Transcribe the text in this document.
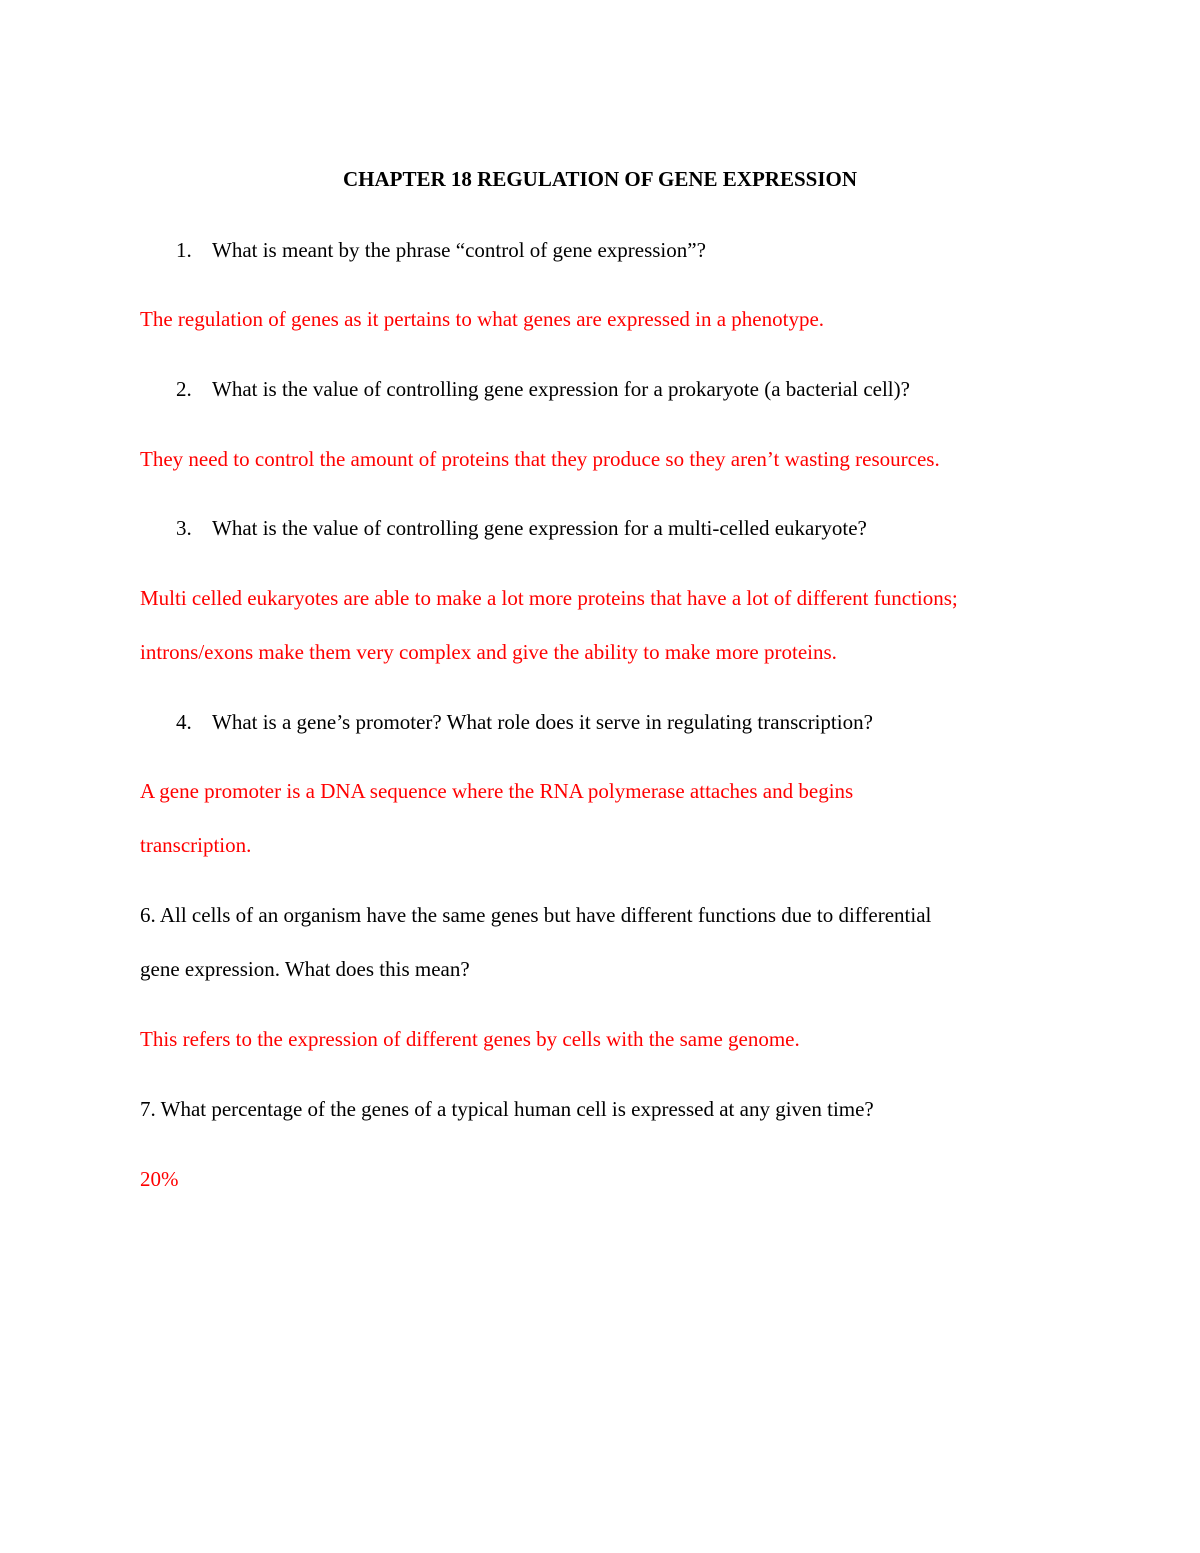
CHAPTER 18 REGULATION OF GENE EXPRESSION
1. What is meant by the phrase “control of gene expression”?
The regulation of genes as it pertains to what genes are expressed in a phenotype.
2. What is the value of controlling gene expression for a prokaryote (a bacterial cell)?
They need to control the amount of proteins that they produce so they aren’t wasting resources.
3. What is the value of controlling gene expression for a multi-celled eukaryote?
Multi celled eukaryotes are able to make a lot more proteins that have a lot of different functions;
introns/exons make them very complex and give the ability to make more proteins.
4. What is a gene’s promoter? What role does it serve in regulating transcription?
A gene promoter is a DNA sequence where the RNA polymerase attaches and begins
transcription.
6. All cells of an organism have the same genes but have different functions due to differential
gene expression. What does this mean?
This refers to the expression of different genes by cells with the same genome.
7. What percentage of the genes of a typical human cell is expressed at any given time?
20%
